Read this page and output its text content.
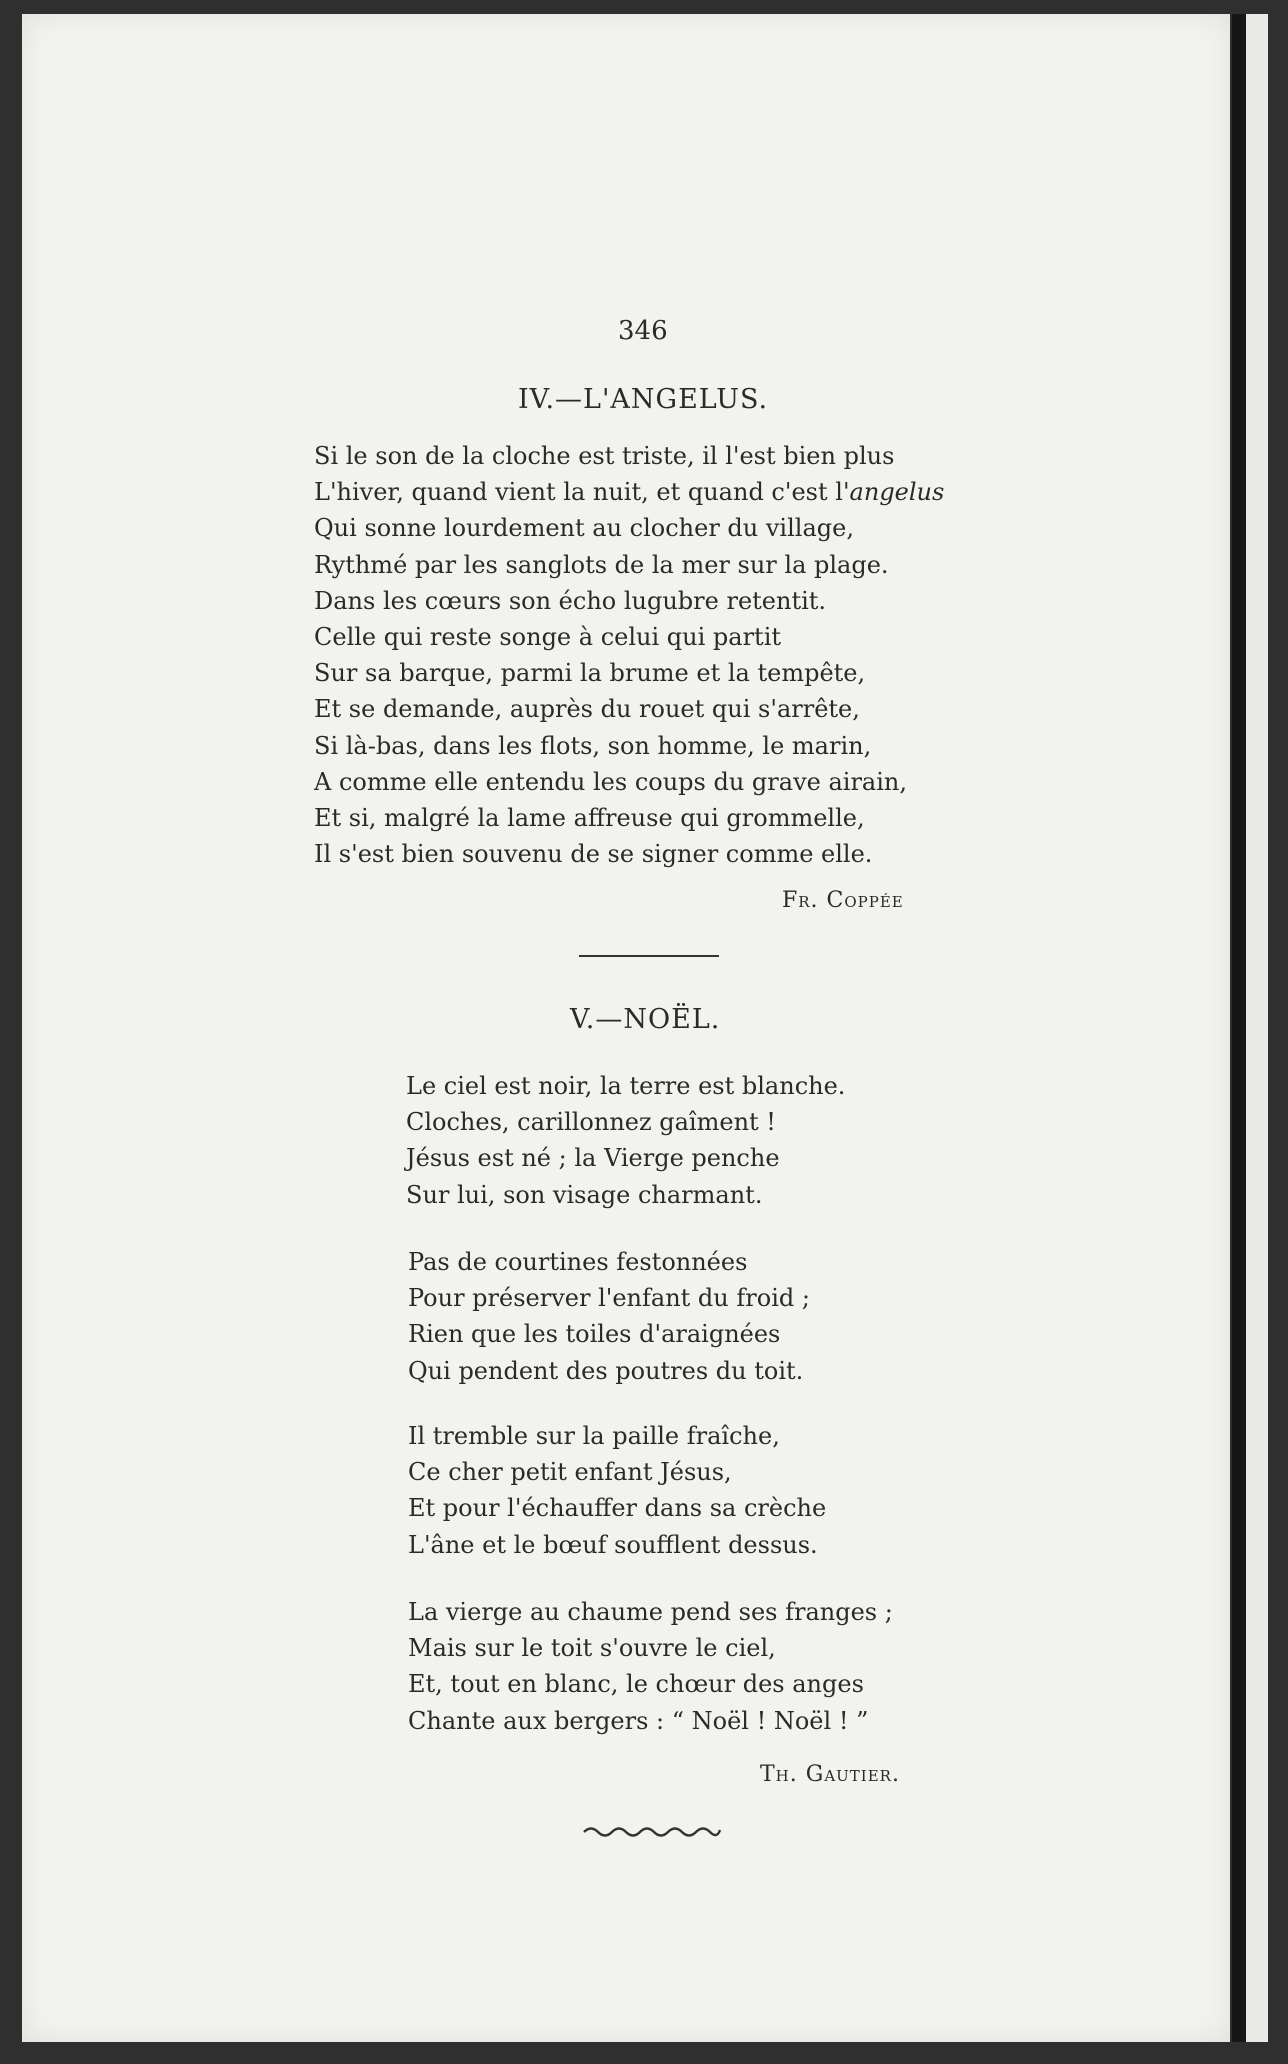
346
IV.—L'ANGELUS.
Si le son de la cloche est triste, il l'est bien plus
L'hiver, quand vient la nuit, et quand c'est l'angelus
Qui sonne lourdement au clocher du village,
Rythmé par les sanglots de la mer sur la plage.
Dans les cœurs son écho lugubre retentit.
Celle qui reste songe à celui qui partit
Sur sa barque, parmi la brume et la tempête,
Et se demande, auprès du rouet qui s'arrête,
Si là-bas, dans les flots, son homme, le marin,
A comme elle entendu les coups du grave airain,
Et si, malgré la lame affreuse qui grommelle,
Il s'est bien souvenu de se signer comme elle.
Fr. Coppée
V.—NOËL.
Le ciel est noir, la terre est blanche.
Cloches, carillonnez gaîment !
Jésus est né ; la Vierge penche
Sur lui, son visage charmant.
Pas de courtines festonnées
Pour préserver l'enfant du froid ;
Rien que les toiles d'araignées
Qui pendent des poutres du toit.
Il tremble sur la paille fraîche,
Ce cher petit enfant Jésus,
Et pour l'échauffer dans sa crèche
L'âne et le bœuf soufflent dessus.
La vierge au chaume pend ses franges ;
Mais sur le toit s'ouvre le ciel,
Et, tout en blanc, le chœur des anges
Chante aux bergers : “ Noël ! Noël ! ”
Th. Gautier.
